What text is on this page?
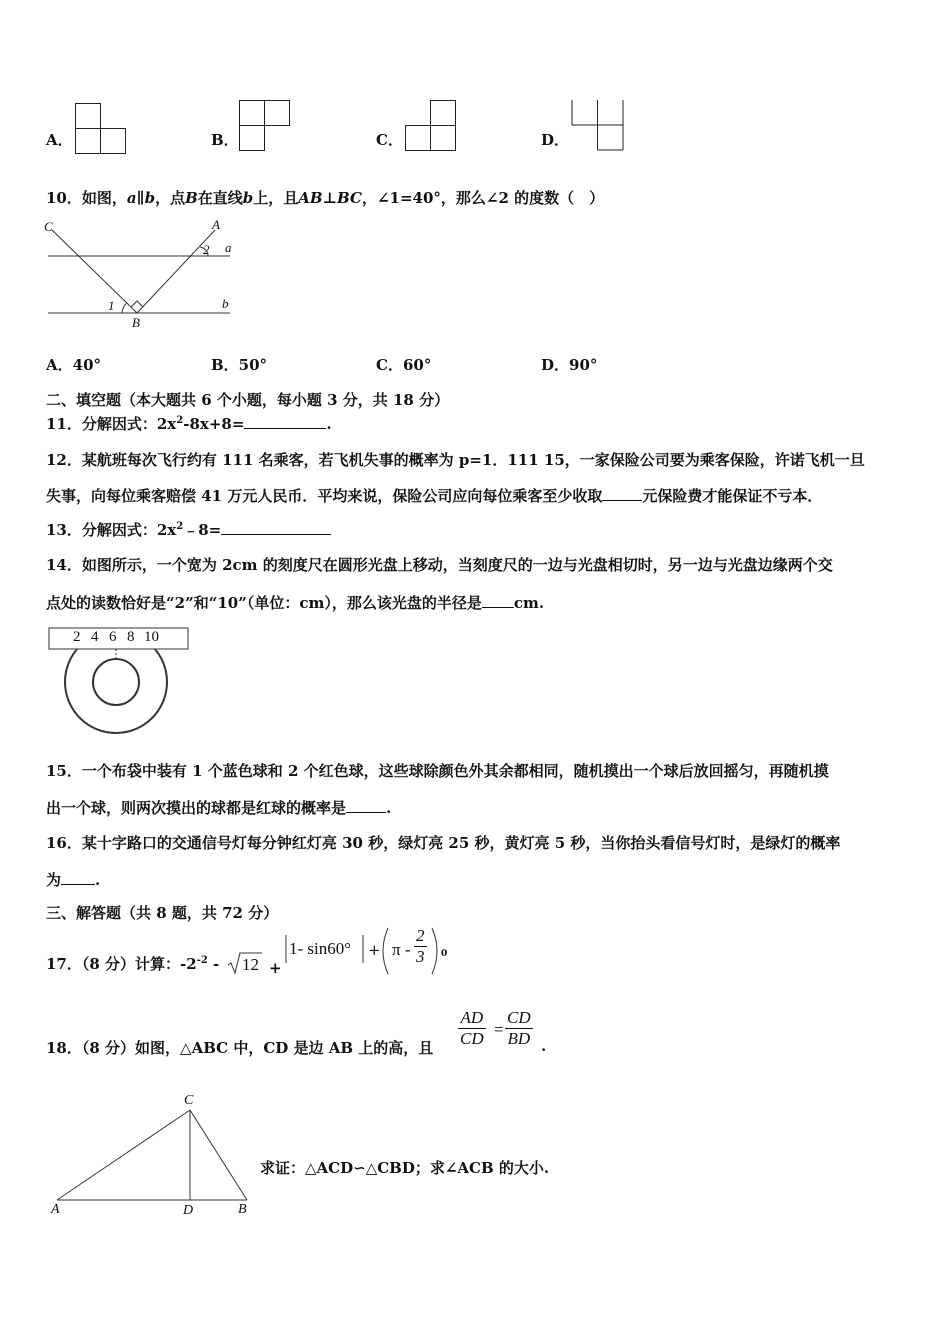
A．	B．	C．	D．
10．如图，a∥b，点B在直线b上，且AB⊥BC，∠1=40°，那么∠2 的度数（　）
C	A
2 a
1	b
B
A．40°	B．50°	C．60°	D．90°
二、填空题（本大题共 6 个小题，每小题 3 分，共 18 分）
11．分解因式：$2x^2-8x+8=$	.
12．某航班每次飞行约有 111 名乘客，若飞机失事的概率为 p=1．111 15，一家保险公司要为乘客保险，许诺飞机一旦
失事，向每位乘客赔偿 41 万元人民币．平均来说，保险公司应向每位乘客至少收取	元保险费才能保证不亏本．
13．分解因式：$2x^2﹣8=$
14．如图所示，一个宽为 2cm 的刻度尺在圆形光盘上移动，当刻度尺的一边与光盘相切时，另一边与光盘边缘两个交
点处的读数恰好是“2”和“10”（单位：cm），那么该光盘的半径是 cm.
2 4 6 8 10
15．一个布袋中装有 1 个蓝色球和 2 个红色球，这些球除颜色外其余都相同，随机摸出一个球后放回摇匀，再随机摸
出一个球，则两次摸出的球都是红球的概率是	.
16．某十字路口的交通信号灯每分钟红灯亮 30 秒，绿灯亮 25 秒，黄灯亮 5 秒，当你抬头看信号灯时，是绿灯的概率
为 .
三、解答题（共 8 题，共 72 分）
17．（8 分）计算：$-2^{-2} - 12$ +
1- $\sin 60^\circ + \pi - \frac{2}{3} 0$
18．（8 分）如图，△ABC 中，CD 是边 AB 上的高，且 $\frac{AD}{CD} = \frac{CD}{BD}$ .
C
A	D	B
求证：△ACD∽△CBD；求∠ACB 的大小.
